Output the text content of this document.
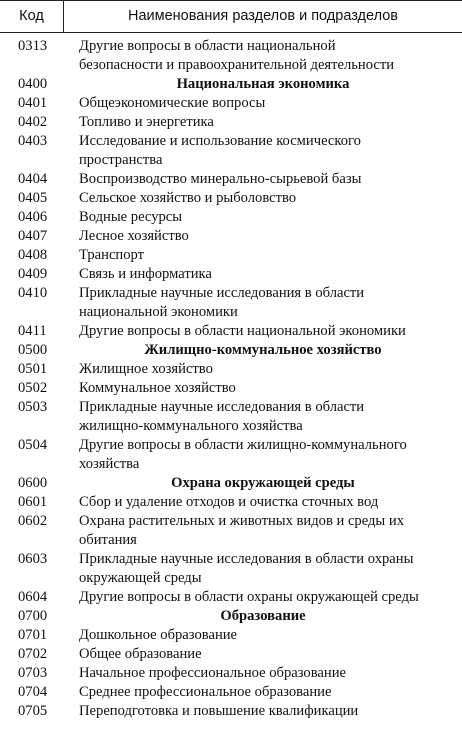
Код	Наименования разделов и подразделов
0313 Другие вопросы в области национальной
безопасности и правоохранительной деятельности
0400	Национальная экономика
0401 Общеэкономические вопросы
0402 Топливо и энергетика
0403 Исследование и использование космического
пространства
0404 Воспроизводство минерально-сырьевой базы
0405 Сельское хозяйство и рыболовство
0406 Водные ресурсы
0407 Лесное хозяйство
0408 Транспорт
0409 Связь и информатика
0410 Прикладные научные исследования в области
национальной экономики
0411 Другие вопросы в области национальной экономики
0500	Жилищно-коммунальное хозяйство
0501 Жилищное хозяйство
0502 Коммунальное хозяйство
0503 Прикладные научные исследования в области
жилищно-коммунального хозяйства
0504 Другие вопросы в области жилищно-коммунального
хозяйства
0600	Охрана окружающей среды
0601 Сбор и удаление отходов и очистка сточных вод
0602 Охрана растительных и животных видов и среды их
обитания
0603 Прикладные научные исследования в области охраны
окружающей среды
0604 Другие вопросы в области охраны окружающей среды
0700	Образование
0701 Дошкольное образование
0702 Общее образование
0703 Начальное профессиональное образование
0704 Среднее профессиональное образование
0705 Переподготовка и повышение квалификации
